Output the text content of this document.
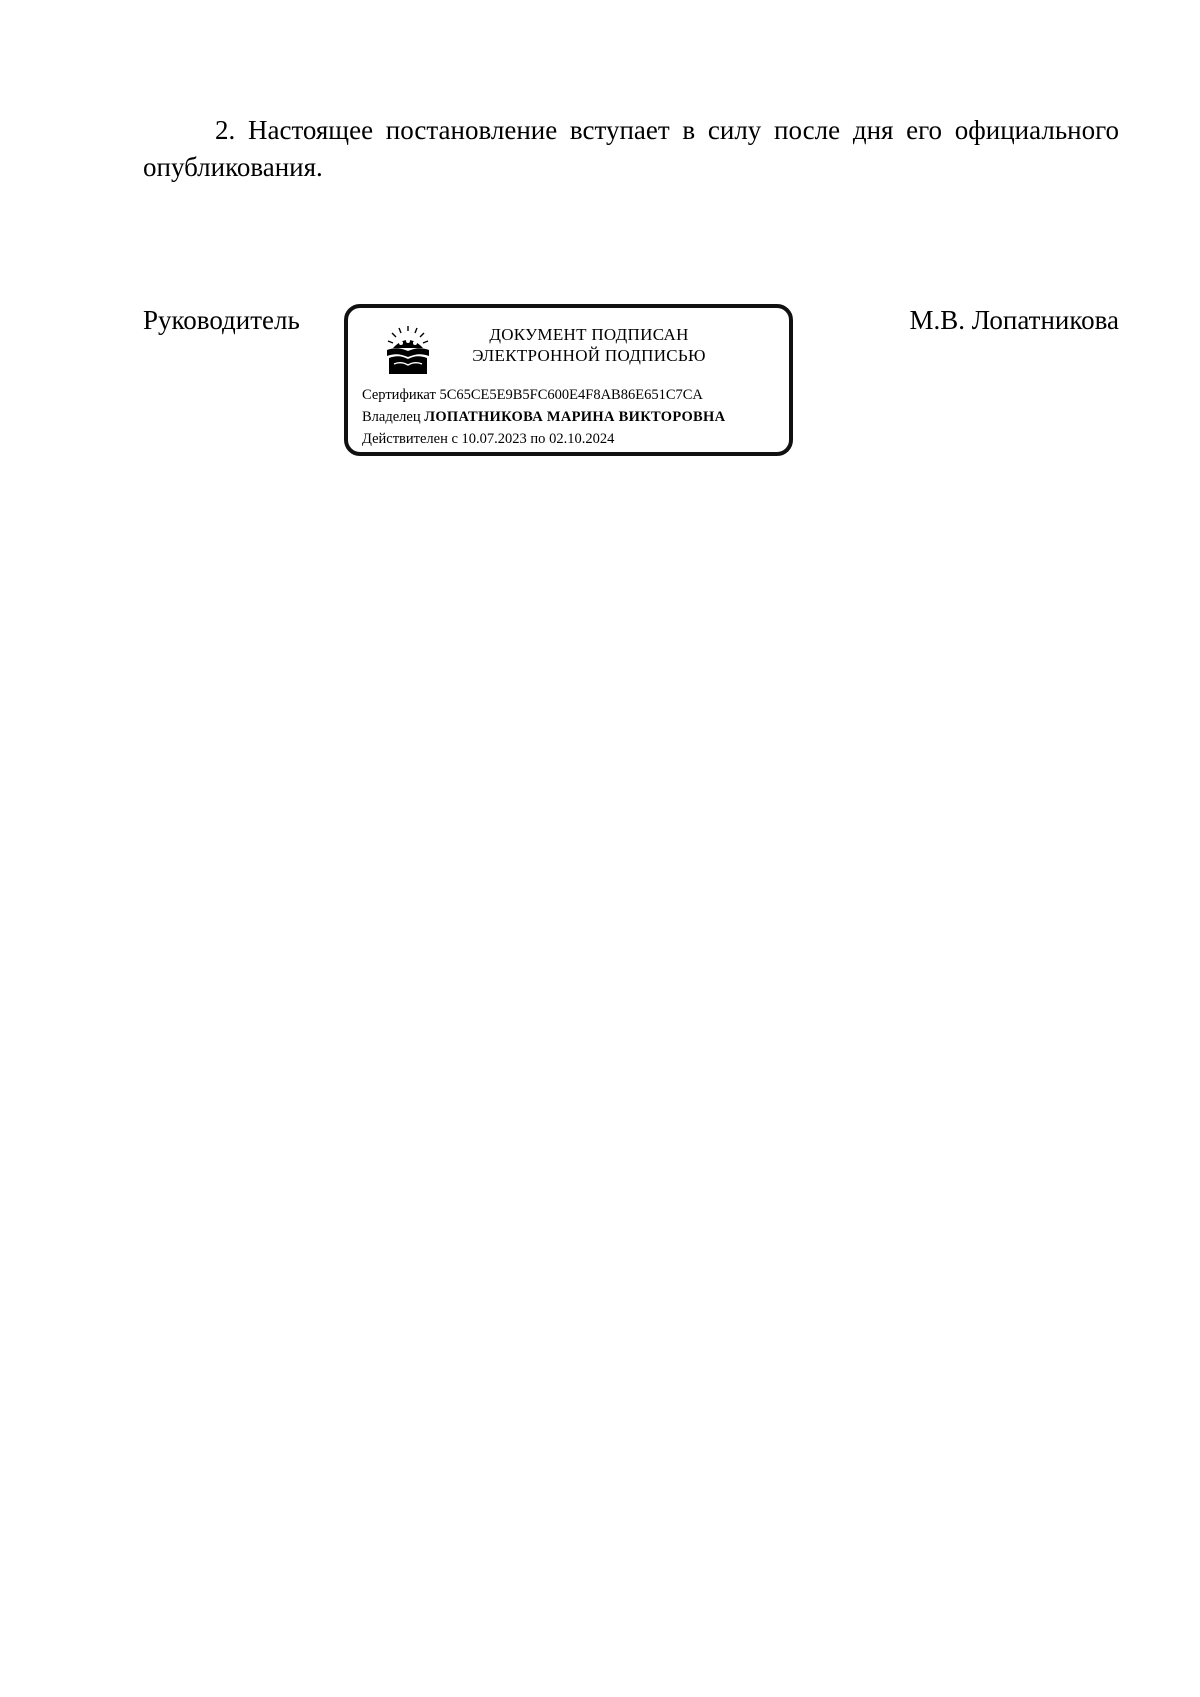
2. Настоящее постановление вступает в силу после дня его официального опубликования.

Руководитель	ДОКУМЕНТ ПОДПИСАН
ЭЛЕКТРОННОЙ ПОДПИСЬЮ
Сертификат 5C65CE5E9B5FC600E4F8AB86E651C7CA
Владелец ЛОПАТНИКОВА МАРИНА ВИКТОРОВНА
Действителен с 10.07.2023 по 02.10.2024
М.В. Лопатникова
